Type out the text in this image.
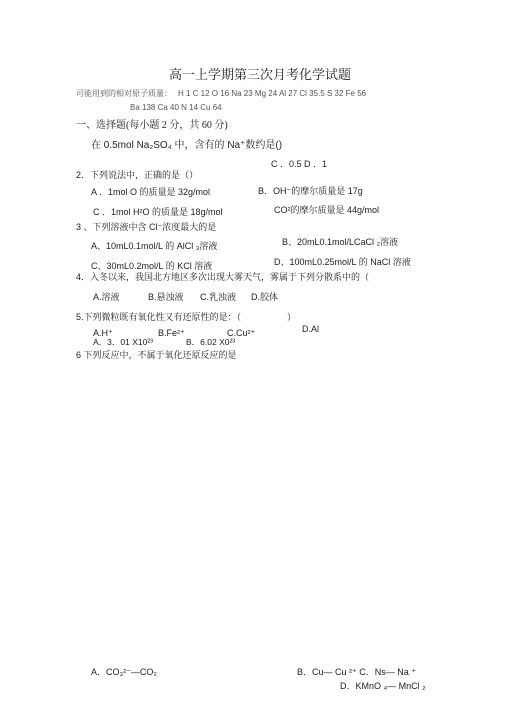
高一上学期第三次月考化学试题
可能用到的相对原子质量： H 1 C 12 O 16 Na 23 Mg 24 Al 27 Cl 35.5 S 32 Fe 56
Ba 138 Ca 40 N 14 Cu 64
一、选择题(每小题 2 分，共 60 分)
在 0.5mol Na₂SO₄ 中，含有的 Na⁺数约是()
C ．0.5 D ．1
2．下列说法中，正确的是（）
A ．1mol O 的质量是 32g/mol	B．OH⁻的摩尔质量是 17g
C ．1mol H²O 的质量是 18g/mol	CO²的摩尔质量是 44g/mol
3 、下列溶液中含 Cl⁻浓度最大的是
A、10mL0.1mol/L 的 AlCl ₃溶液	B、20mL0.1mol/LCaCl ₂溶液
C、30mL0.2mol/L 的 KCl 溶液	D、100mL0.25mol/L 的 NaCl 溶液
4．入冬以来，我国北方地区多次出现大雾天气，雾属于下列分散系中的（
A.溶液	B.悬浊液 C.乳浊液 D.胶体
5.下列微粒既有氧化性又有还原性的是：（	）
A.H⁺	B.Fe²⁺	C.Cu²⁺	D.Al
A．3．01 X10²³	B．6.02 X0²³
6 下列反应中，不属于氧化还原反应的是
A．CO₃²⁻—CO₂	B．Cu— Cu ²⁺ C．Ns— Na ⁺
D．KMnO ₄— MnCl ₂
